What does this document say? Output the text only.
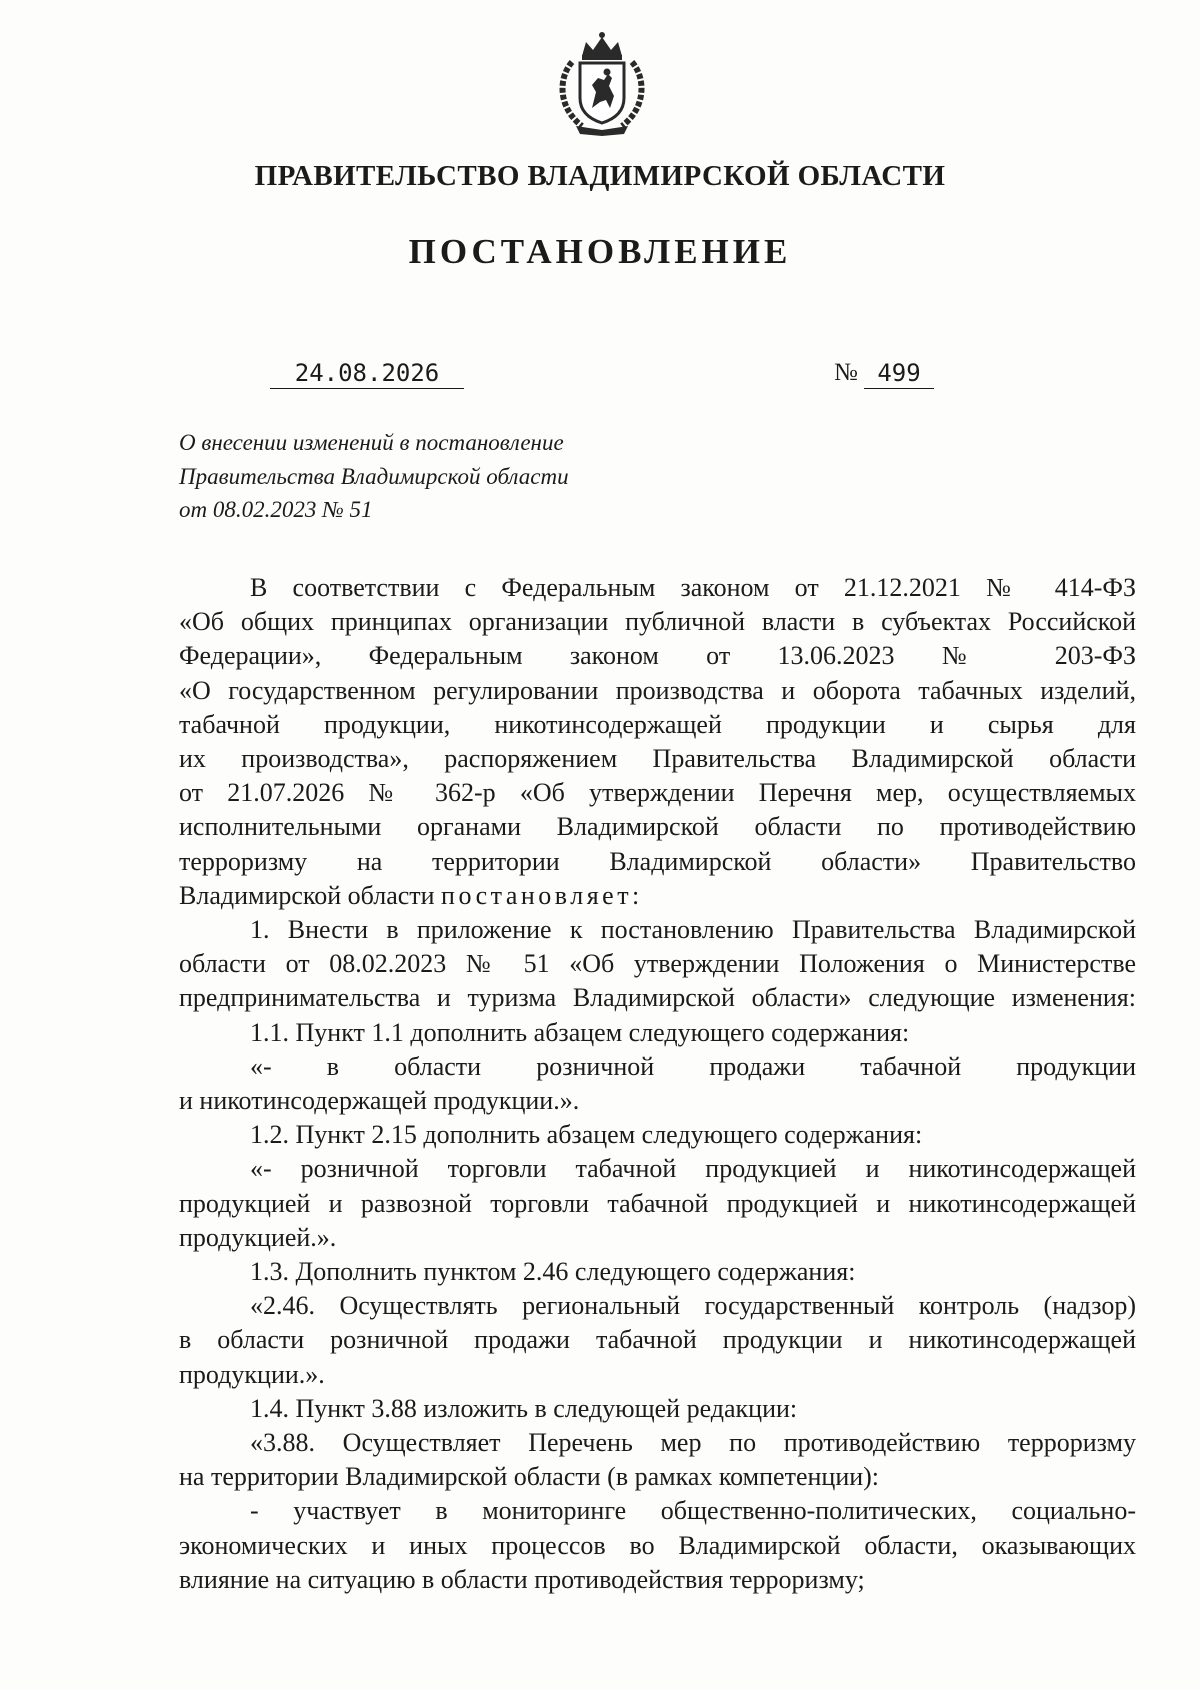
ПРАВИТЕЛЬСТВО ВЛАДИМИРСКОЙ ОБЛАСТИ
ПОСТАНОВЛЕНИЕ
24.08.2026	№ 499
О внесении изменений в постановление
Правительства Владимирской области
от 08.02.2023 № 51
В соответствии с Федеральным законом от 21.12.2021 № 414-ФЗ
«Об общих принципах организации публичной власти в субъектах Российской
Федерации», Федеральным законом от 13.06.2023 № 203-ФЗ
«О государственном регулировании производства и оборота табачных изделий,
табачной продукции, никотинсодержащей продукции и сырья для
их производства», распоряжением Правительства Владимирской области
от 21.07.2026 № 362-р «Об утверждении Перечня мер, осуществляемых
исполнительными органами Владимирской области по противодействию
терроризму на территории Владимирской области» Правительство
Владимирской области постановляет:
1. Внести в приложение к постановлению Правительства Владимирской
области от 08.02.2023 № 51 «Об утверждении Положения о Министерстве
предпринимательства и туризма Владимирской области» следующие изменения:
1.1. Пункт 1.1 дополнить абзацем следующего содержания:
«- в области розничной продажи табачной продукции
и никотинсодержащей продукции.».
1.2. Пункт 2.15 дополнить абзацем следующего содержания:
«- розничной торговли табачной продукцией и никотинсодержащей
продукцией и развозной торговли табачной продукцией и никотинсодержащей
продукцией.».
1.3. Дополнить пунктом 2.46 следующего содержания:
«2.46. Осуществлять региональный государственный контроль (надзор)
в области розничной продажи табачной продукции и никотинсодержащей
продукции.».
1.4. Пункт 3.88 изложить в следующей редакции:
«3.88. Осуществляет Перечень мер по противодействию терроризму
на территории Владимирской области (в рамках компетенции):
- участвует в мониторинге общественно-политических, социально-
экономических и иных процессов во Владимирской области, оказывающих
влияние на ситуацию в области противодействия терроризму;
